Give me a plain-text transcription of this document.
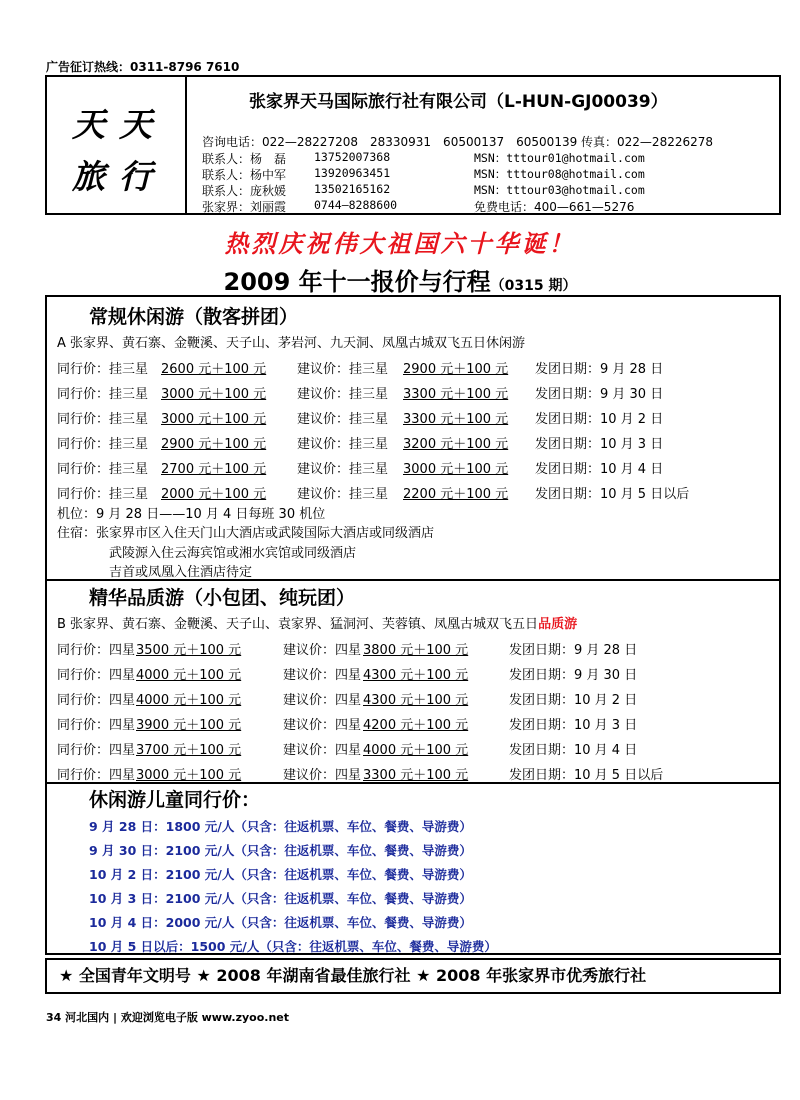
广告征订热线：0311-8796 7610
天天
旅行
张家界天马国际旅行社有限公司（L-HUN-GJ00039）
咨询电话：022—28227208　28330931　60500137　60500139 传真：022—28226278
联系人：杨　磊 13752007368	MSN：tttour01@hotmail.com
联系人：杨中军 13920963451	MSN：tttour08@hotmail.com
联系人：庞秋媛 13502165162	MSN：tttour03@hotmail.com
张家界：刘丽霞 0744—8288600	免费电话：400—661—5276
热烈庆祝伟大祖国六十华诞！
2009 年十一报价与行程（0315 期）
常规休闲游（散客拼团）
A 张家界、黄石寨、金鞭溪、天子山、茅岩河、九天洞、凤凰古城双飞五日休闲游
同行价：挂三星 2600 元＋100 元 建议价：挂三星 2900 元＋100 元 发团日期：9 月 28 日
同行价：挂三星 3000 元＋100 元 建议价：挂三星 3300 元＋100 元 发团日期：9 月 30 日
同行价：挂三星 3000 元＋100 元 建议价：挂三星 3300 元＋100 元 发团日期：10 月 2 日
同行价：挂三星 2900 元＋100 元 建议价：挂三星 3200 元＋100 元 发团日期：10 月 3 日
同行价：挂三星 2700 元＋100 元 建议价：挂三星 3000 元＋100 元 发团日期：10 月 4 日
同行价：挂三星 2000 元＋100 元 建议价：挂三星 2200 元＋100 元 发团日期：10 月 5 日以后
机位：9 月 28 日——10 月 4 日每班 30 机位
住宿：张家界市区入住天门山大酒店或武陵国际大酒店或同级酒店
武陵源入住云海宾馆或湘水宾馆或同级酒店
吉首或凤凰入住酒店待定
精华品质游（小包团、纯玩团）
B 张家界、黄石寨、金鞭溪、天子山、袁家界、猛洞河、芙蓉镇、凤凰古城双飞五日品质游
同行价：四星 3500 元＋100 元	建议价：四星 3800 元＋100 元	发团日期：9 月 28 日
同行价：四星 4000 元＋100 元	建议价：四星 4300 元＋100 元	发团日期：9 月 30 日
同行价：四星 4000 元＋100 元	建议价：四星 4300 元＋100 元	发团日期：10 月 2 日
同行价：四星 3900 元＋100 元	建议价：四星 4200 元＋100 元	发团日期：10 月 3 日
同行价：四星 3700 元＋100 元	建议价：四星 4000 元＋100 元	发团日期：10 月 4 日
同行价：四星 3000 元＋100 元	建议价：四星 3300 元＋100 元	发团日期：10 月 5 日以后
休闲游儿童同行价：
9 月 28 日：1800 元/人（只含：往返机票、车位、餐费、导游费）
9 月 30 日：2100 元/人（只含：往返机票、车位、餐费、导游费）
10 月 2 日：2100 元/人（只含：往返机票、车位、餐费、导游费）
10 月 3 日：2100 元/人（只含：往返机票、车位、餐费、导游费）
10 月 4 日：2000 元/人（只含：往返机票、车位、餐费、导游费）
10 月 5 日以后：1500 元/人（只含：往返机票、车位、餐费、导游费）
★ 全国青年文明号 ★ 2008 年湖南省最佳旅行社 ★ 2008 年张家界市优秀旅行社
34 河北国内 | 欢迎浏览电子版 www.zyoo.net
